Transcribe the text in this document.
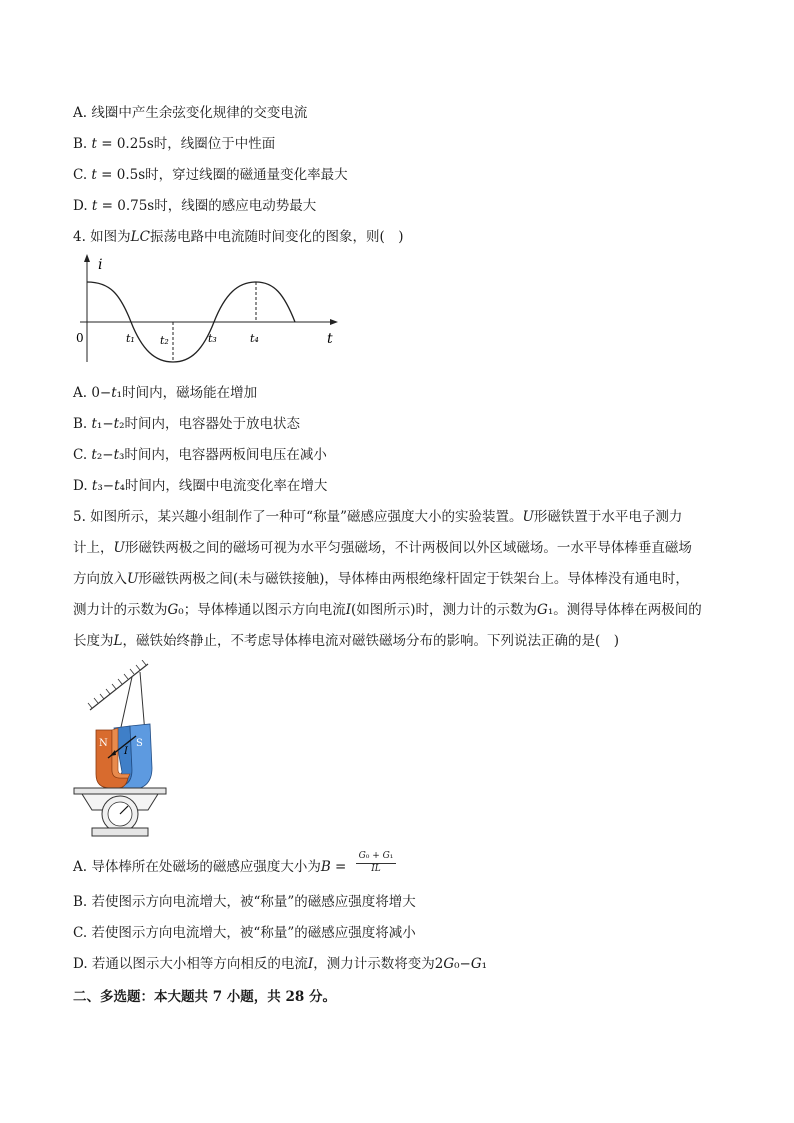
A. 线圈中产生余弦变化规律的交变电流
B. 𝑡 = 0.25s时，线圈位于中性面
C. 𝑡 = 0.5s时，穿过线圈的磁通量变化率最大
D. 𝑡 = 0.75s时，线圈的感应电动势最大
4. 如图为𝐿𝐶振荡电路中电流随时间变化的图象，则(　)
i
t
0	t₁ t₂	t₃	t₄
A. 0−𝑡₁时间内，磁场能在增加
B. 𝑡₁−𝑡₂时间内，电容器处于放电状态
C. 𝑡₂−𝑡₃时间内，电容器两板间电压在减小
D. 𝑡₃−𝑡₄时间内，线圈中电流变化率在增大
5. 如图所示，某兴趣小组制作了一种可“称量”磁感应强度大小的实验装置。𝑈形磁铁置于水平电子测力
计上，𝑈形磁铁两极之间的磁场可视为水平匀强磁场，不计两极间以外区域磁场。一水平导体棒垂直磁场
方向放入𝑈形磁铁两极之间(未与磁铁接触)，导体棒由两根绝缘杆固定于铁架台上。导体棒没有通电时，
测力计的示数为𝐺₀；导体棒通以图示方向电流𝐼(如图所示)时，测力计的示数为𝐺₁。测得导体棒在两极间的
长度为𝐿，磁铁始终静止，不考虑导体棒电流对磁铁磁场分布的影响。下列说法正确的是(　)
N	S
I
A. 导体棒所在处磁场的磁感应强度大小为𝐵 =
𝐺₀ + 𝐺₁
IL
B. 若使图示方向电流增大，被“称量”的磁感应强度将增大
C. 若使图示方向电流增大，被“称量”的磁感应强度将减小
D. 若通以图示大小相等方向相反的电流𝐼，测力计示数将变为2𝐺₀−𝐺₁
二、多选题：本大题共 7 小题，共 28 分。
